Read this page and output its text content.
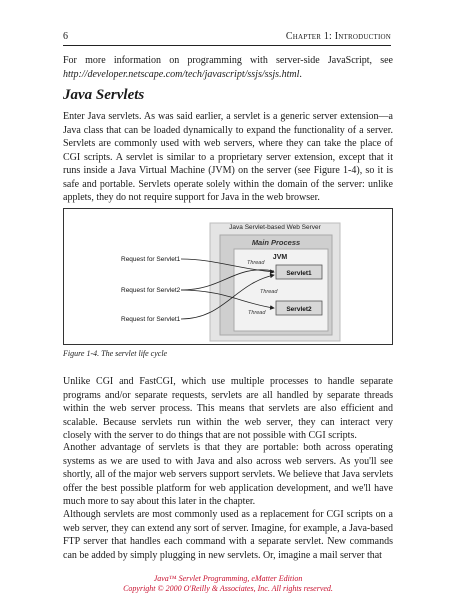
6	Chapter 1: Introduction

For more information on programming with server-side JavaScript, see http://developer.netscape.com/tech/javascript/ssjs/ssjs.html.

Java Servlets

Enter Java servlets. As was said earlier, a servlet is a generic server extension—a Java class that can be loaded dynamically to expand the functionality of a server. Servlets are commonly used with web servers, where they can take the place of CGI scripts. A servlet is similar to a proprietary server extension, except that it runs inside a Java Virtual Machine (JVM) on the server (see Figure 1-4), so it is safe and portable. Servlets operate solely within the domain of the server: unlike applets, they do not require support for Java in the web browser.

Java Servlet-based Web Server
Main Process
JVM
Servlet1
Servlet2
Request for Servlet1
Request for Servlet2
Request for Servlet1
Thread
Thread
Thread

Figure 1-4. The servlet life cycle

Unlike CGI and FastCGI, which use multiple processes to handle separate programs and/or separate requests, servlets are all handled by separate threads within the web server process. This means that servlets are also efficient and scalable. Because servlets run within the web server, they can interact very closely with the server to do things that are not possible with CGI scripts.

Another advantage of servlets is that they are portable: both across operating systems as we are used to with Java and also across web servers. As you'll see shortly, all of the major web servers support servlets. We believe that Java servlets offer the best possible platform for web application development, and we'll have much more to say about this later in the chapter.

Although servlets are most commonly used as a replacement for CGI scripts on a web server, they can extend any sort of server. Imagine, for example, a Java-based FTP server that handles each command with a separate servlet. New commands can be added by simply plugging in new servlets. Or, imagine a mail server that

Java™ Servlet Programming, eMatter Edition
Copyright © 2000 O'Reilly & Associates, Inc. All rights reserved.
